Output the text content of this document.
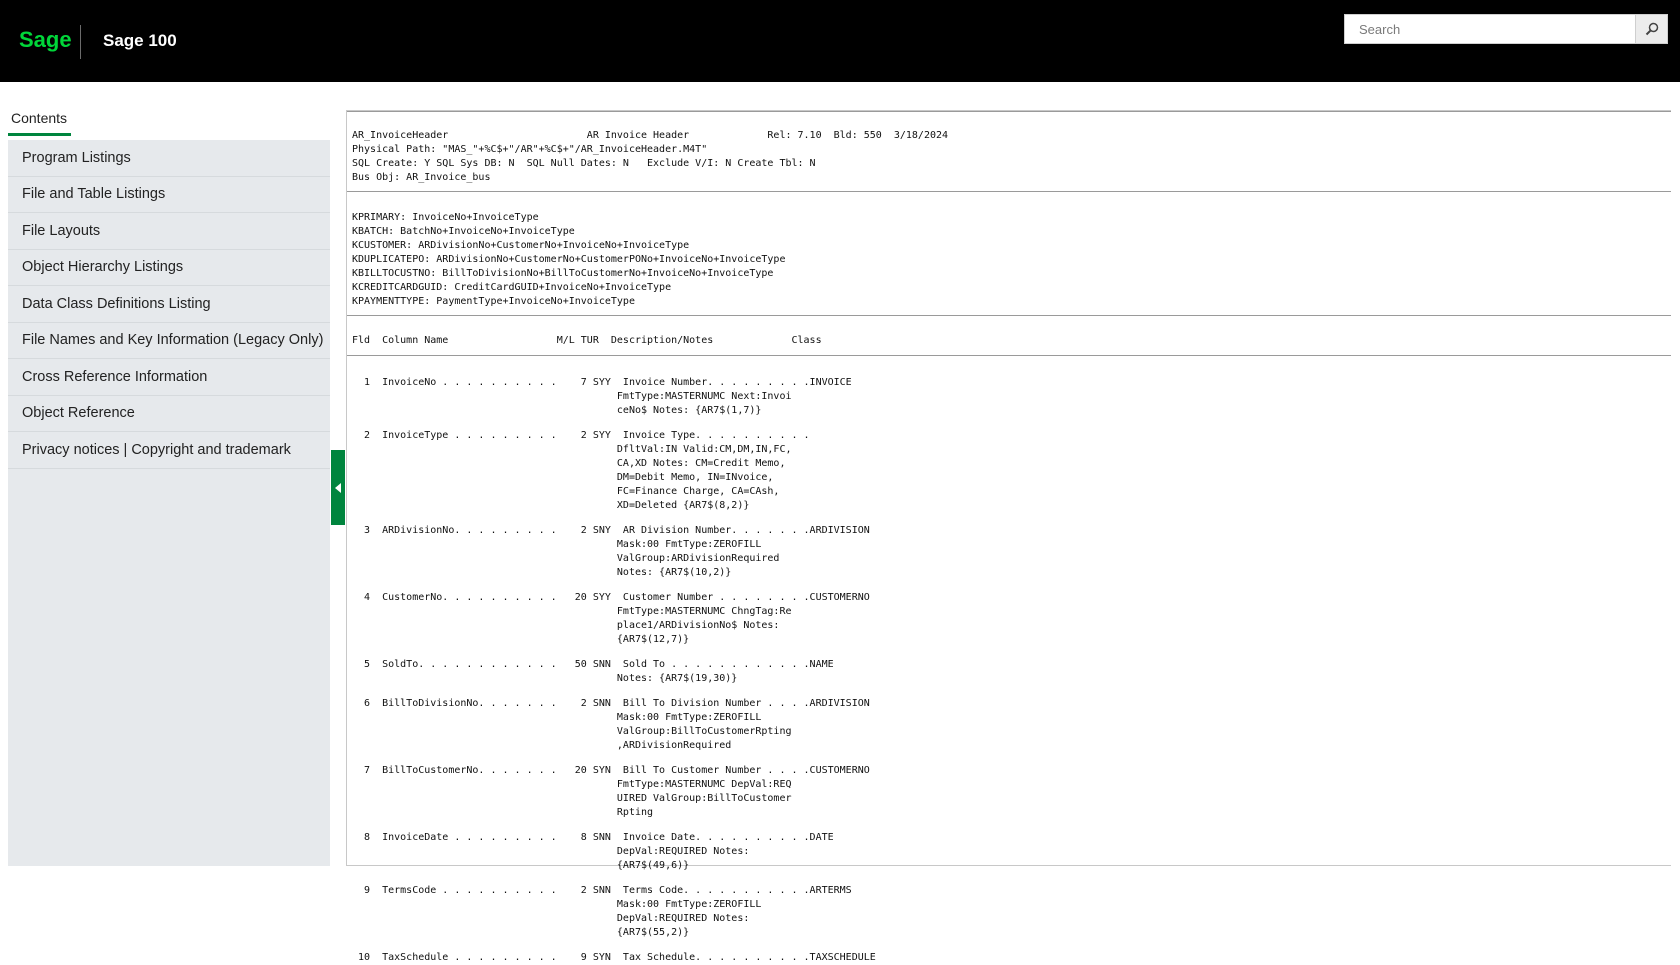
Sage Sage 100
Search
Contents
Program Listings
File and Table Listings
File Layouts
Object Hierarchy Listings
Data Class Definitions Listing
File Names and Key Information (Legacy Only)
Cross Reference Information
Object Reference
Privacy notices | Copyright and trademark
AR_InvoiceHeader                       AR Invoice Header             Rel: 7.10  Bld: 550  3/18/2024
Physical Path: "MAS_"+%C$+"/AR"+%C$+"/AR_InvoiceHeader.M4T"
SQL Create: Y SQL Sys DB: N  SQL Null Dates: N   Exclude V/I: N Create Tbl: N
Bus Obj: AR_Invoice_bus
KPRIMARY: InvoiceNo+InvoiceType
KBATCH: BatchNo+InvoiceNo+InvoiceType
KCUSTOMER: ARDivisionNo+CustomerNo+InvoiceNo+InvoiceType
KDUPLICATEPO: ARDivisionNo+CustomerNo+CustomerPONo+InvoiceNo+InvoiceType
KBILLTOCUSTNO: BillToDivisionNo+BillToCustomerNo+InvoiceNo+InvoiceType
KCREDITCARDGUID: CreditCardGUID+InvoiceNo+InvoiceType
KPAYMENTTYPE: PaymentType+InvoiceNo+InvoiceType
Fld  Column Name                  M/L TUR  Description/Notes             Class
1  InvoiceNo . . . . . . . . . .    7 SYY  Invoice Number. . . . . . . . .INVOICE
FmtType:MASTERNUMC Next:Invoi
ceNo$ Notes: {AR7$(1,7)}
2  InvoiceType . . . . . . . . .    2 SYY  Invoice Type. . . . . . . . . .
DfltVal:IN Valid:CM,DM,IN,FC,
CA,XD Notes: CM=Credit Memo,
DM=Debit Memo, IN=INvoice,
FC=Finance Charge, CA=CAsh,
XD=Deleted {AR7$(8,2)}
3  ARDivisionNo. . . . . . . . .    2 SNY  AR Division Number. . . . . . .ARDIVISION
Mask:00 FmtType:ZEROFILL
ValGroup:ARDivisionRequired
Notes: {AR7$(10,2)}
4  CustomerNo. . . . . . . . . .   20 SYY  Customer Number . . . . . . . .CUSTOMERNO
FmtType:MASTERNUMC ChngTag:Re
place1/ARDivisionNo$ Notes:
{AR7$(12,7)}
5  SoldTo. . . . . . . . . . . .   50 SNN  Sold To . . . . . . . . . . . .NAME
Notes: {AR7$(19,30)}
6  BillToDivisionNo. . . . . . .    2 SNN  Bill To Division Number . . . .ARDIVISION
Mask:00 FmtType:ZEROFILL
ValGroup:BillToCustomerRpting
,ARDivisionRequired
7  BillToCustomerNo. . . . . . .   20 SYN  Bill To Customer Number . . . .CUSTOMERNO
FmtType:MASTERNUMC DepVal:REQ
UIRED ValGroup:BillToCustomer
Rpting
8  InvoiceDate . . . . . . . . .    8 SNN  Invoice Date. . . . . . . . . .DATE
DepVal:REQUIRED Notes:
{AR7$(49,6)}
9  TermsCode . . . . . . . . . .    2 SNN  Terms Code. . . . . . . . . . .ARTERMS
Mask:00 FmtType:ZEROFILL
DepVal:REQUIRED Notes:
{AR7$(55,2)}
10  TaxSchedule . . . . . . . . .    9 SYN  Tax Schedule. . . . . . . . . .TAXSCHEDULE
